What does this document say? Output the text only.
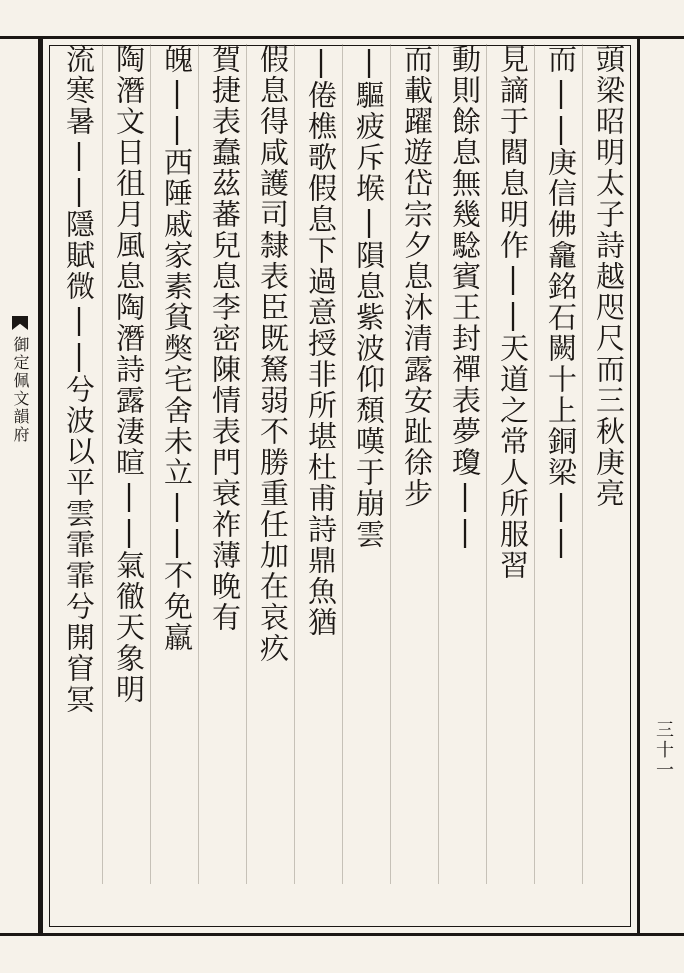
御定佩文韻府	頭梁昭明太子詩越咫尺而三秋庚亮
而||庚信佛龕銘石闕十上銅梁||
見謫于閻息明作||天道之常人所服習
動則餘息無幾騐賓王封禪表夢瓊||
而載躍遊岱宗夕息沐清露安趾徐步
|驅疲斥堠|隕息紫波仰頹嘆于崩雲
|倦樵歌假息下過意授非所堪杜甫詩鼎魚猶
假息得咸護司隸表臣既駑弱不勝重任加在哀疚
賀捷表蠢茲蕃兒息李密陳情表門衰祚薄晚有
魄||西陲戚家素貧獘宅舍未立||不免羸
陶潛文日徂月風息陶潛詩露淒暄||氣徹天象明
流寒暑||隱賦微||兮波以平雲霏霏兮開窅冥
三十一
